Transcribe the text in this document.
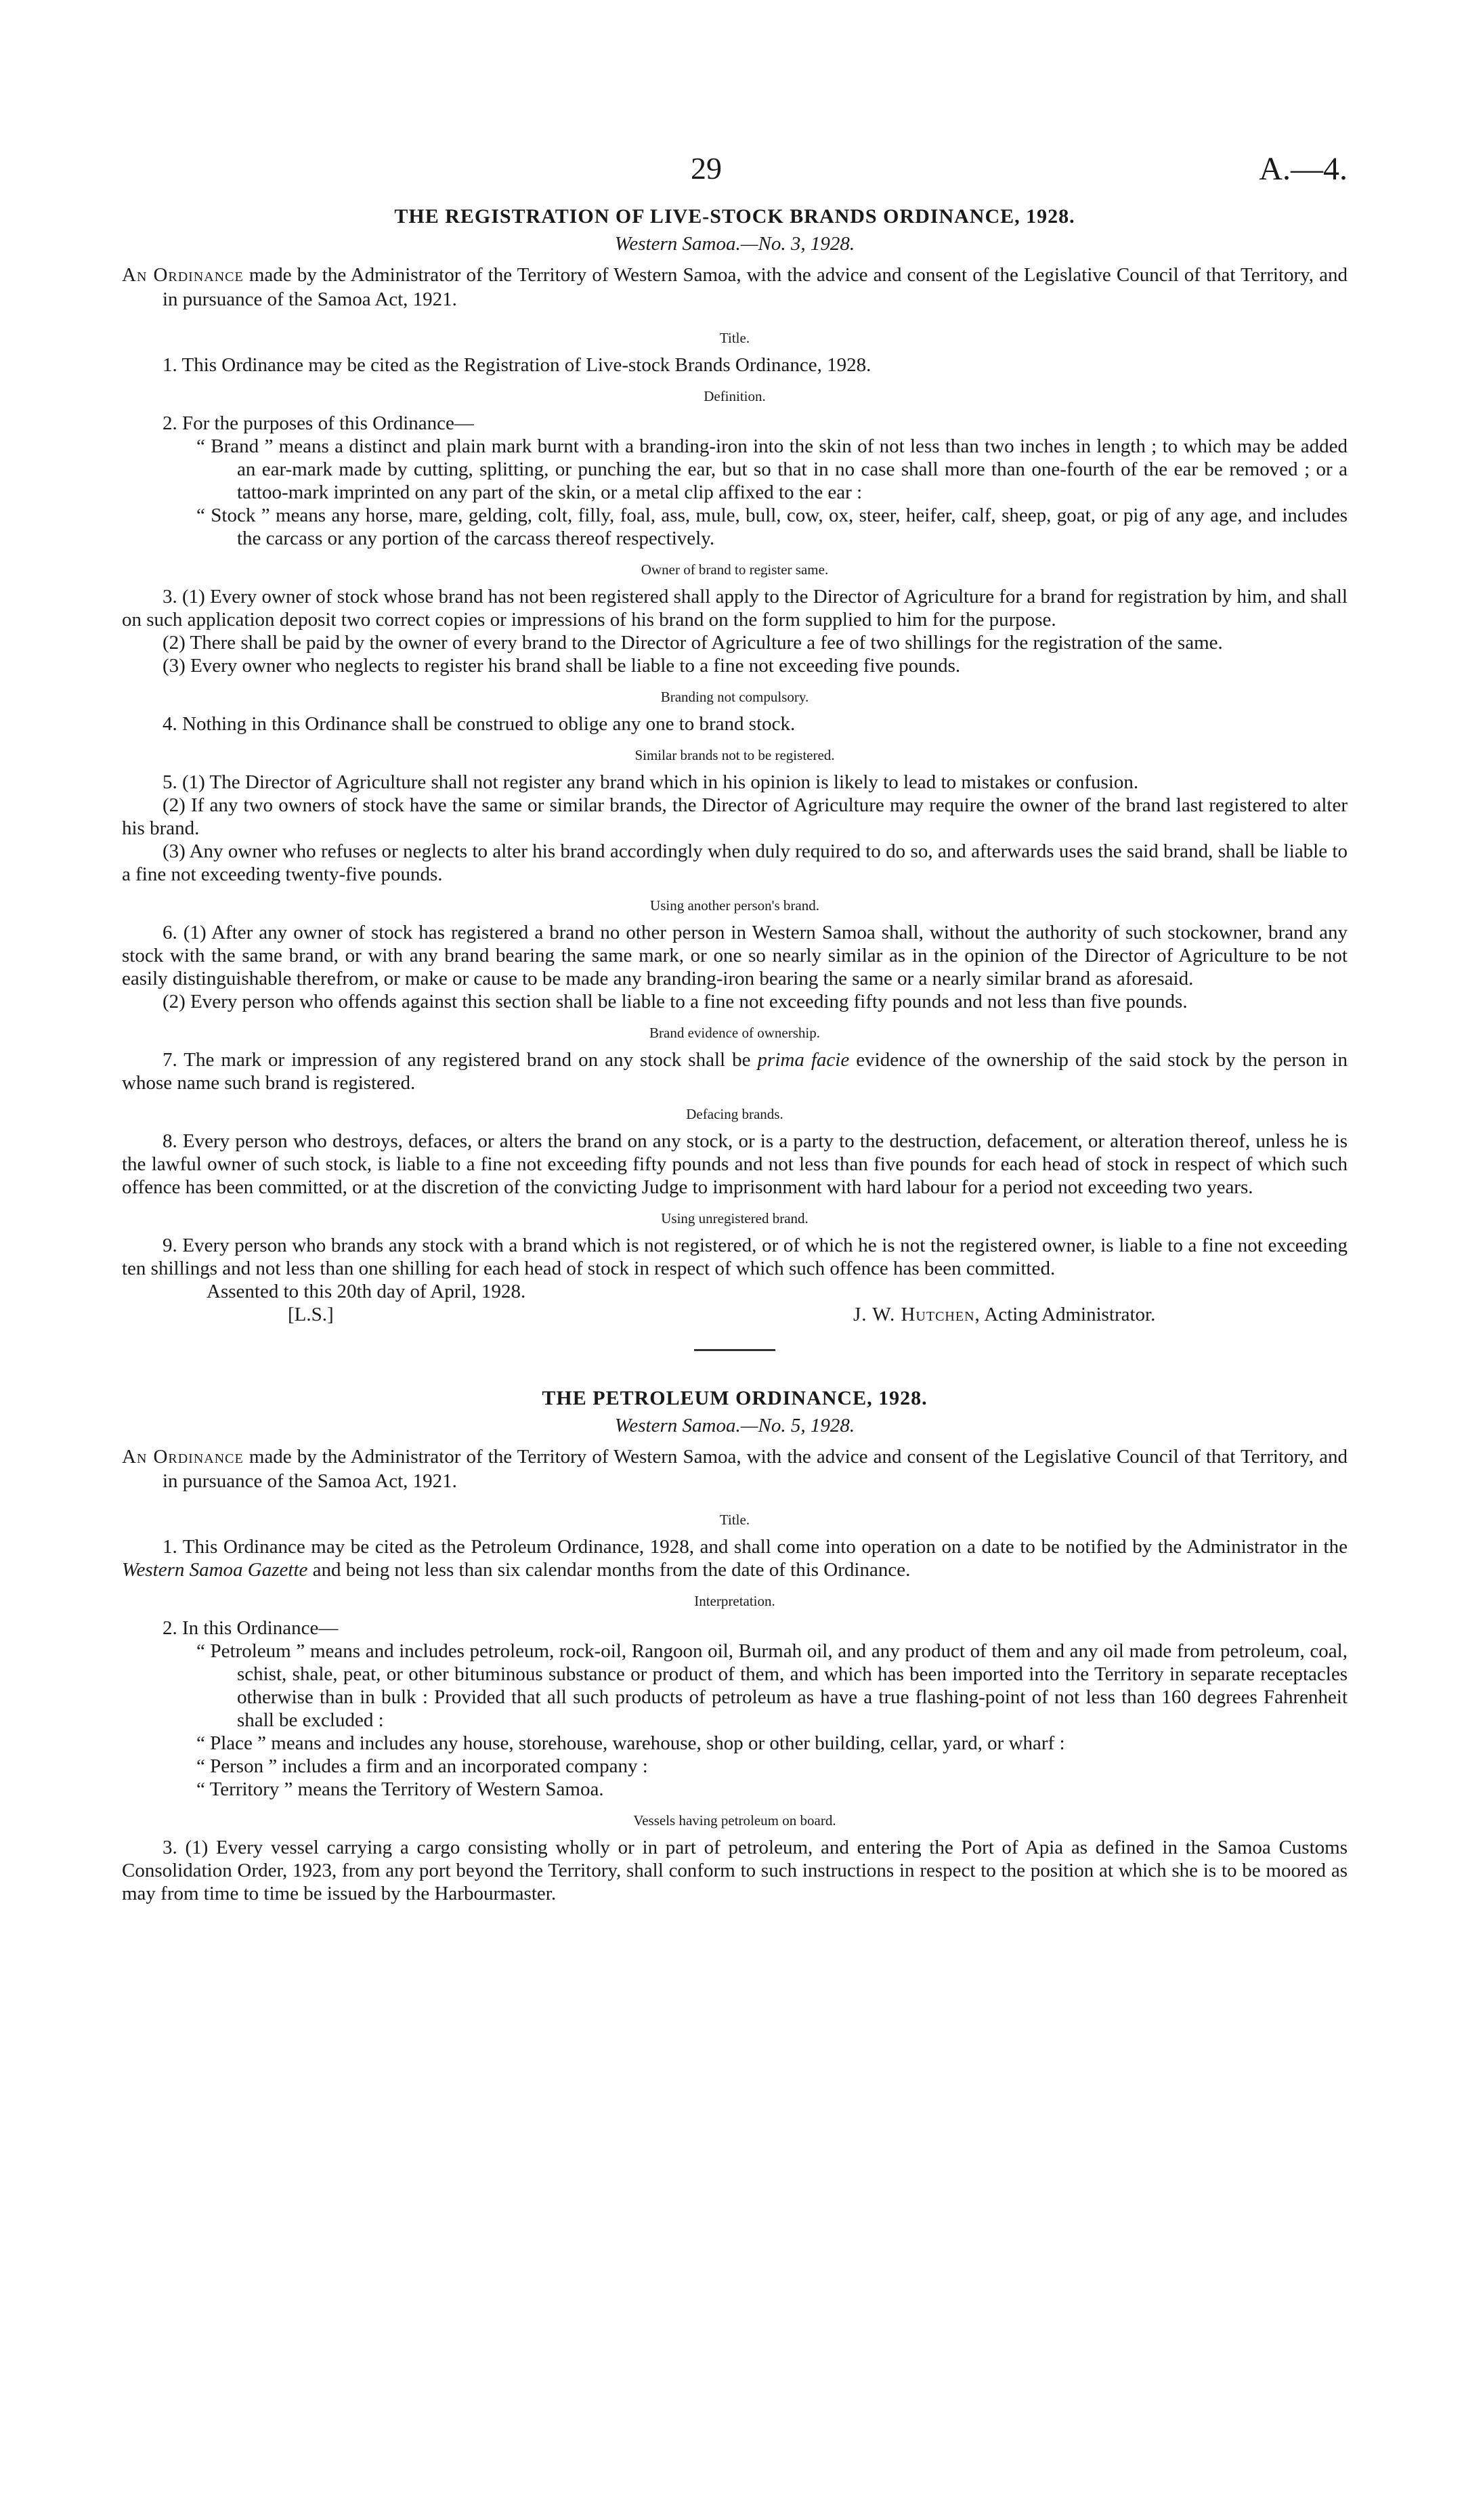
29	A.—4.
THE REGISTRATION OF LIVE-STOCK BRANDS ORDINANCE, 1928.

Western Samoa.—No. 3, 1928.

An Ordinance made by the Administrator of the Territory of Western Samoa, with the advice and consent of the Legislative Council of that Territory, and in pursuance of the Samoa Act, 1921.

Title.

1. This Ordinance may be cited as the Registration of Live-stock Brands Ordinance, 1928.

Definition.

2. For the purposes of this Ordinance—

“ Brand ” means a distinct and plain mark burnt with a branding-iron into the skin of not less than two inches in length ; to which may be added an ear-mark made by cutting, splitting, or punching the ear, but so that in no case shall more than one-fourth of the ear be removed ; or a tattoo-mark imprinted on any part of the skin, or a metal clip affixed to the ear :

“ Stock ” means any horse, mare, gelding, colt, filly, foal, ass, mule, bull, cow, ox, steer, heifer, calf, sheep, goat, or pig of any age, and includes the carcass or any portion of the carcass thereof respectively.

Owner of brand to register same.

3. (1) Every owner of stock whose brand has not been registered shall apply to the Director of Agriculture for a brand for registration by him, and shall on such application deposit two correct copies or impressions of his brand on the form supplied to him for the purpose.

(2) There shall be paid by the owner of every brand to the Director of Agriculture a fee of two shillings for the registration of the same.

(3) Every owner who neglects to register his brand shall be liable to a fine not exceeding five pounds.

Branding not compulsory.

4. Nothing in this Ordinance shall be construed to oblige any one to brand stock.

Similar brands not to be registered.

5. (1) The Director of Agriculture shall not register any brand which in his opinion is likely to lead to mistakes or confusion.

(2) If any two owners of stock have the same or similar brands, the Director of Agriculture may require the owner of the brand last registered to alter his brand.

(3) Any owner who refuses or neglects to alter his brand accordingly when duly required to do so, and afterwards uses the said brand, shall be liable to a fine not exceeding twenty-five pounds.

Using another person's brand.

6. (1) After any owner of stock has registered a brand no other person in Western Samoa shall, without the authority of such stockowner, brand any stock with the same brand, or with any brand bearing the same mark, or one so nearly similar as in the opinion of the Director of Agriculture to be not easily distinguishable therefrom, or make or cause to be made any branding-iron bearing the same or a nearly similar brand as aforesaid.

(2) Every person who offends against this section shall be liable to a fine not exceeding fifty pounds and not less than five pounds.

Brand evidence of ownership.

7. The mark or impression of any registered brand on any stock shall be prima facie evidence of the ownership of the said stock by the person in whose name such brand is registered.

Defacing brands.

8. Every person who destroys, defaces, or alters the brand on any stock, or is a party to the destruction, defacement, or alteration thereof, unless he is the lawful owner of such stock, is liable to a fine not exceeding fifty pounds and not less than five pounds for each head of stock in respect of which such offence has been committed, or at the discretion of the convicting Judge to imprisonment with hard labour for a period not exceeding two years.

Using unregistered brand.

9. Every person who brands any stock with a brand which is not registered, or of which he is not the registered owner, is liable to a fine not exceeding ten shillings and not less than one shilling for each head of stock in respect of which such offence has been committed.

Assented to this 20th day of April, 1928.

[L.S.]	J. W. Hutchen, Acting Administrator.
THE PETROLEUM ORDINANCE, 1928.

Western Samoa.—No. 5, 1928.

An Ordinance made by the Administrator of the Territory of Western Samoa, with the advice and consent of the Legislative Council of that Territory, and in pursuance of the Samoa Act, 1921.

Title.

1. This Ordinance may be cited as the Petroleum Ordinance, 1928, and shall come into operation on a date to be notified by the Administrator in the Western Samoa Gazette and being not less than six calendar months from the date of this Ordinance.

Interpretation.

2. In this Ordinance—

“ Petroleum ” means and includes petroleum, rock-oil, Rangoon oil, Burmah oil, and any product of them and any oil made from petroleum, coal, schist, shale, peat, or other bituminous substance or product of them, and which has been imported into the Territory in separate receptacles otherwise than in bulk : Provided that all such products of petroleum as have a true flashing-point of not less than 160 degrees Fahrenheit shall be excluded :

“ Place ” means and includes any house, storehouse, warehouse, shop or other building, cellar, yard, or wharf :

“ Person ” includes a firm and an incorporated company :

“ Territory ” means the Territory of Western Samoa.

Vessels having petroleum on board.

3. (1) Every vessel carrying a cargo consisting wholly or in part of petroleum, and entering the Port of Apia as defined in the Samoa Customs Consolidation Order, 1923, from any port beyond the Territory, shall conform to such instructions in respect to the position at which she is to be moored as may from time to time be issued by the Harbourmaster.
